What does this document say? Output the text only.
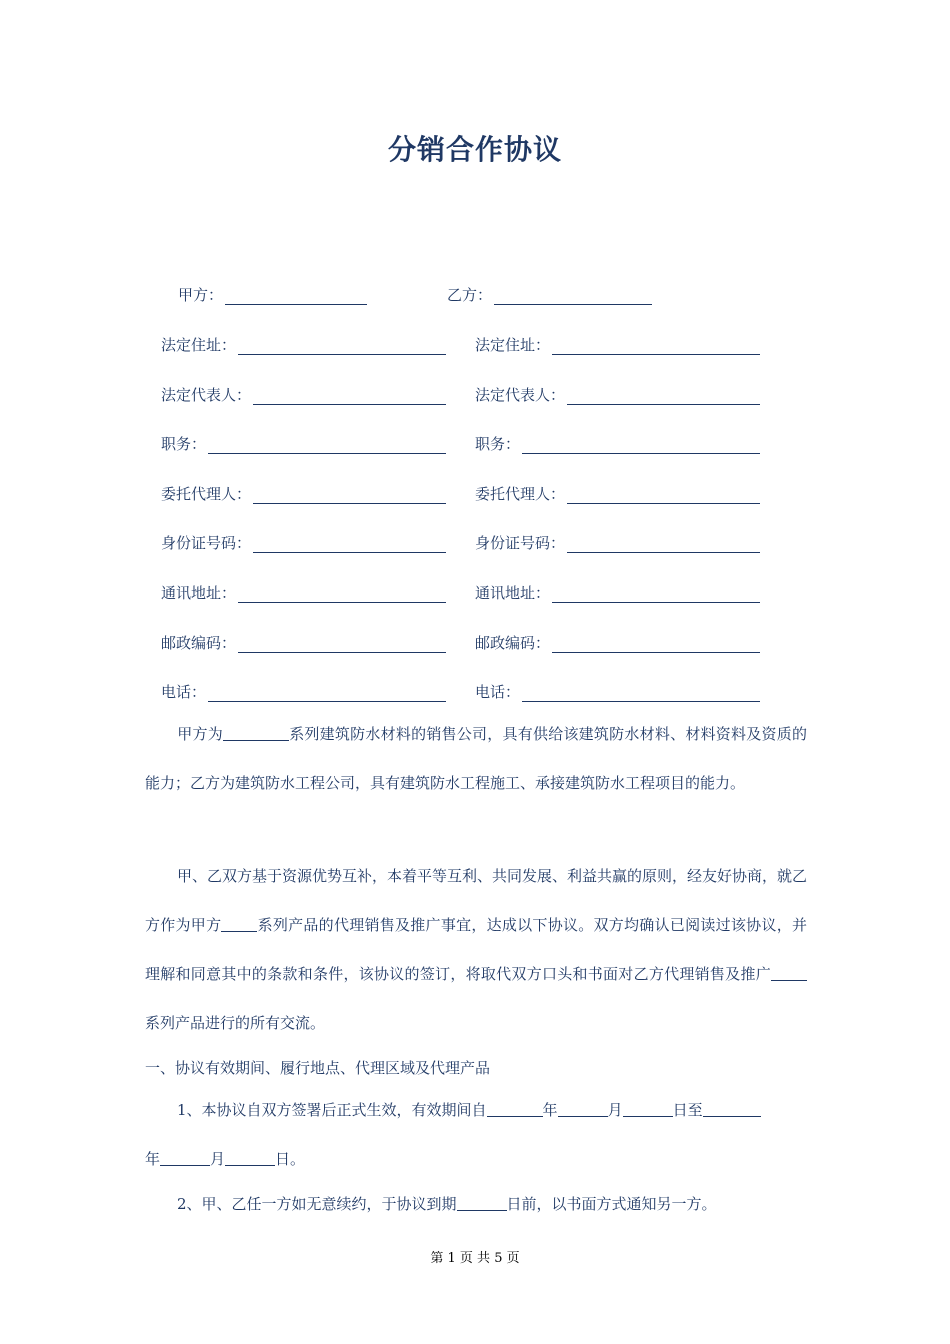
分销合作协议
甲方：	乙方：
法定住址：	法定住址：
法定代表人：	法定代表人：
职务：	职务：
委托代理人：	委托代理人：
身份证号码：	身份证号码：
通讯地址：	通讯地址：
邮政编码：	邮政编码：
电话：	电话：
甲方为	系列建筑防水材料的销售公司，具有供给该建筑防水材料、材料资料及资质的能力；乙方为建筑防水工程公司，具有建筑防水工程施工、承接建筑防水工程项目的能力。
甲、乙双方基于资源优势互补，本着平等互利、共同发展、利益共赢的原则，经友好协商，就乙方作为甲方 系列产品的代理销售及推广事宜，达成以下协议。双方均确认已阅读过该协议，并理解和同意其中的条款和条件，该协议的签订，将取代双方口头和书面对乙方代理销售及推广系列产品进行的所有交流。
一、协议有效期间、履行地点、代理区域及代理产品
1、本协议自双方签署后正式生效，有效期间自	年	月	日至
年	月	日。
2、甲、乙任一方如无意续约，于协议到期	日前，以书面方式通知另一方。
第 1 页 共 5 页
